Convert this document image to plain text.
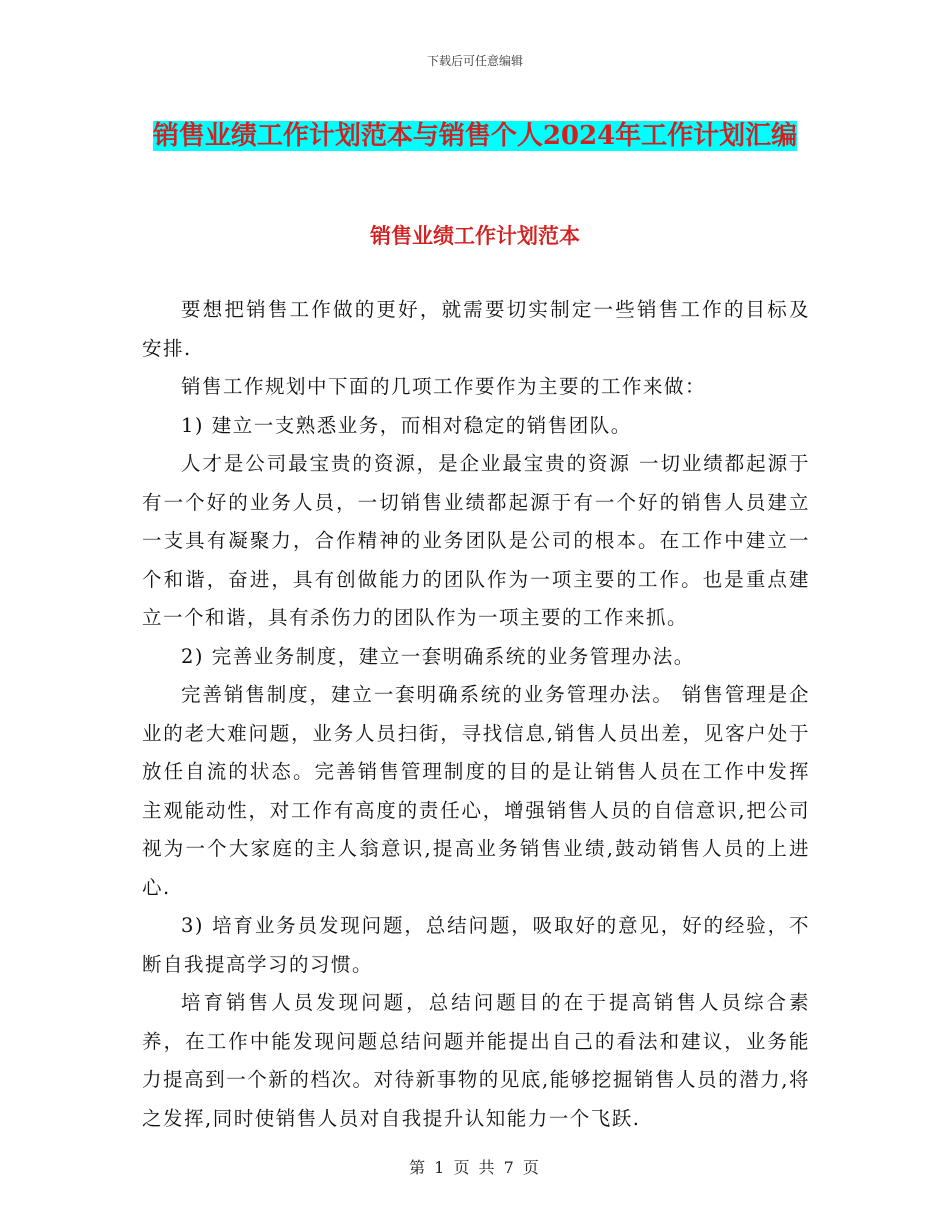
下载后可任意编辑
销售业绩工作计划范本与销售个人2024年工作计划汇编
销售业绩工作计划范本

要想把销售工作做的更好，就需要切实制定一些销售工作的目标及安排.

销售工作规划中下面的几项工作要作为主要的工作来做：

1) 建立一支熟悉业务，而相对稳定的销售团队。

人才是公司最宝贵的资源，是企业最宝贵的资源 一切业绩都起源于有一个好的业务人员，一切销售业绩都起源于有一个好的销售人员建立一支具有凝聚力，合作精神的业务团队是公司的根本。在工作中建立一个和谐，奋进，具有创做能力的团队作为一项主要的工作。也是重点建立一个和谐，具有杀伤力的团队作为一项主要的工作来抓。

2) 完善业务制度，建立一套明确系统的业务管理办法。

完善销售制度，建立一套明确系统的业务管理办法。 销售管理是企业的老大难问题，业务人员扫街，寻找信息,销售人员出差，见客户处于放任自流的状态。完善销售管理制度的目的是让销售人员在工作中发挥主观能动性，对工作有高度的责任心，增强销售人员的自信意识,把公司视为一个大家庭的主人翁意识,提高业务销售业绩,鼓动销售人员的上进心.

3) 培育业务员发现问题，总结问题，吸取好的意见，好的经验，不断自我提高学习的习惯。

培育销售人员发现问题，总结问题目的在于提高销售人员综合素养，在工作中能发现问题总结问题并能提出自己的看法和建议，业务能力提高到一个新的档次。对待新事物的见底,能够挖掘销售人员的潜力,将之发挥,同时使销售人员对自我提升认知能力一个飞跃.

第 1 页 共 7 页
